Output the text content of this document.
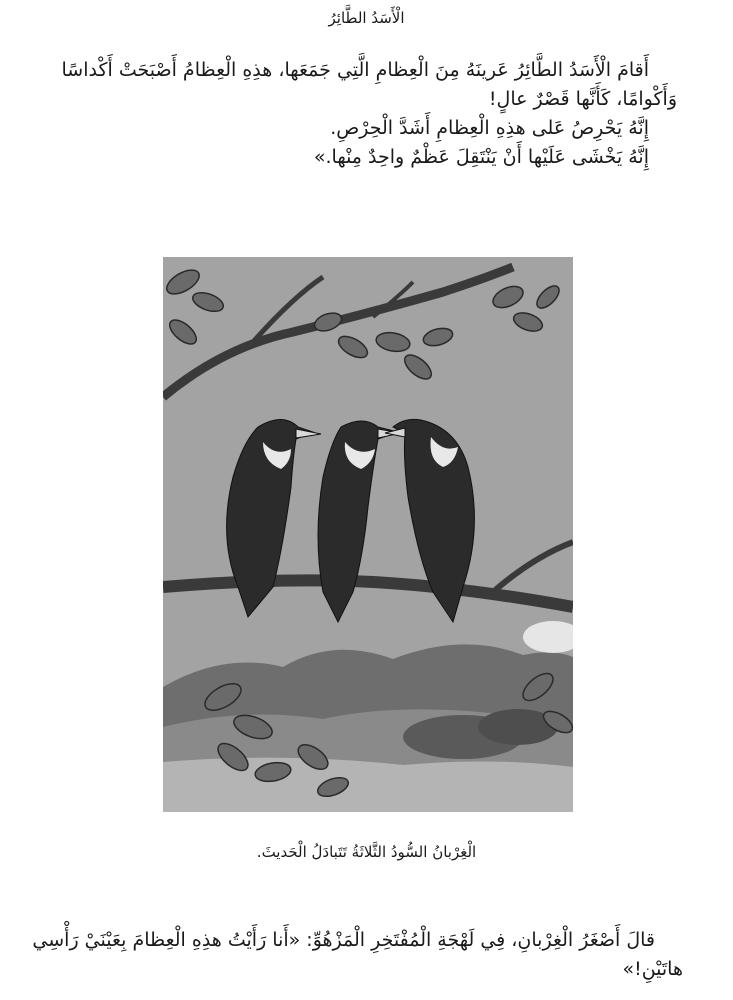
الْأَسَدُ الطَّائِرُ
أَقامَ الْأَسَدُ الطَّائِرُ عَرينَهُ مِنَ الْعِظامِ الَّتِي جَمَعَها، هذِهِ الْعِظامُ أَصْبَحَتْ أَكْداسًا
وَأَكْوامًا، كَأَنَّها قَصْرٌ عالٍ!
إِنَّهُ يَحْرِصُ عَلى هذِهِ الْعِظامِ أَشَدَّ الْحِرْصِ.
إِنَّهُ يَخْشَى عَلَيْها أَنْ يَنْتَقِلَ عَظْمٌ واحِدٌ مِنْها.»
الْغِرْبانُ السُّودُ الثَّلاثَةُ تَتَبادَلُ الْحَديثَ.
قالَ أَصْغَرُ الْغِرْبانِ، فِي لَهْجَةِ الْمُفْتَخِرِ الْمَزْهُوِّ: «أَنا رَأَيْتُ هذِهِ الْعِظامَ بِعَيْنَيْ رَأْسِي
هاتَيْنِ!»
